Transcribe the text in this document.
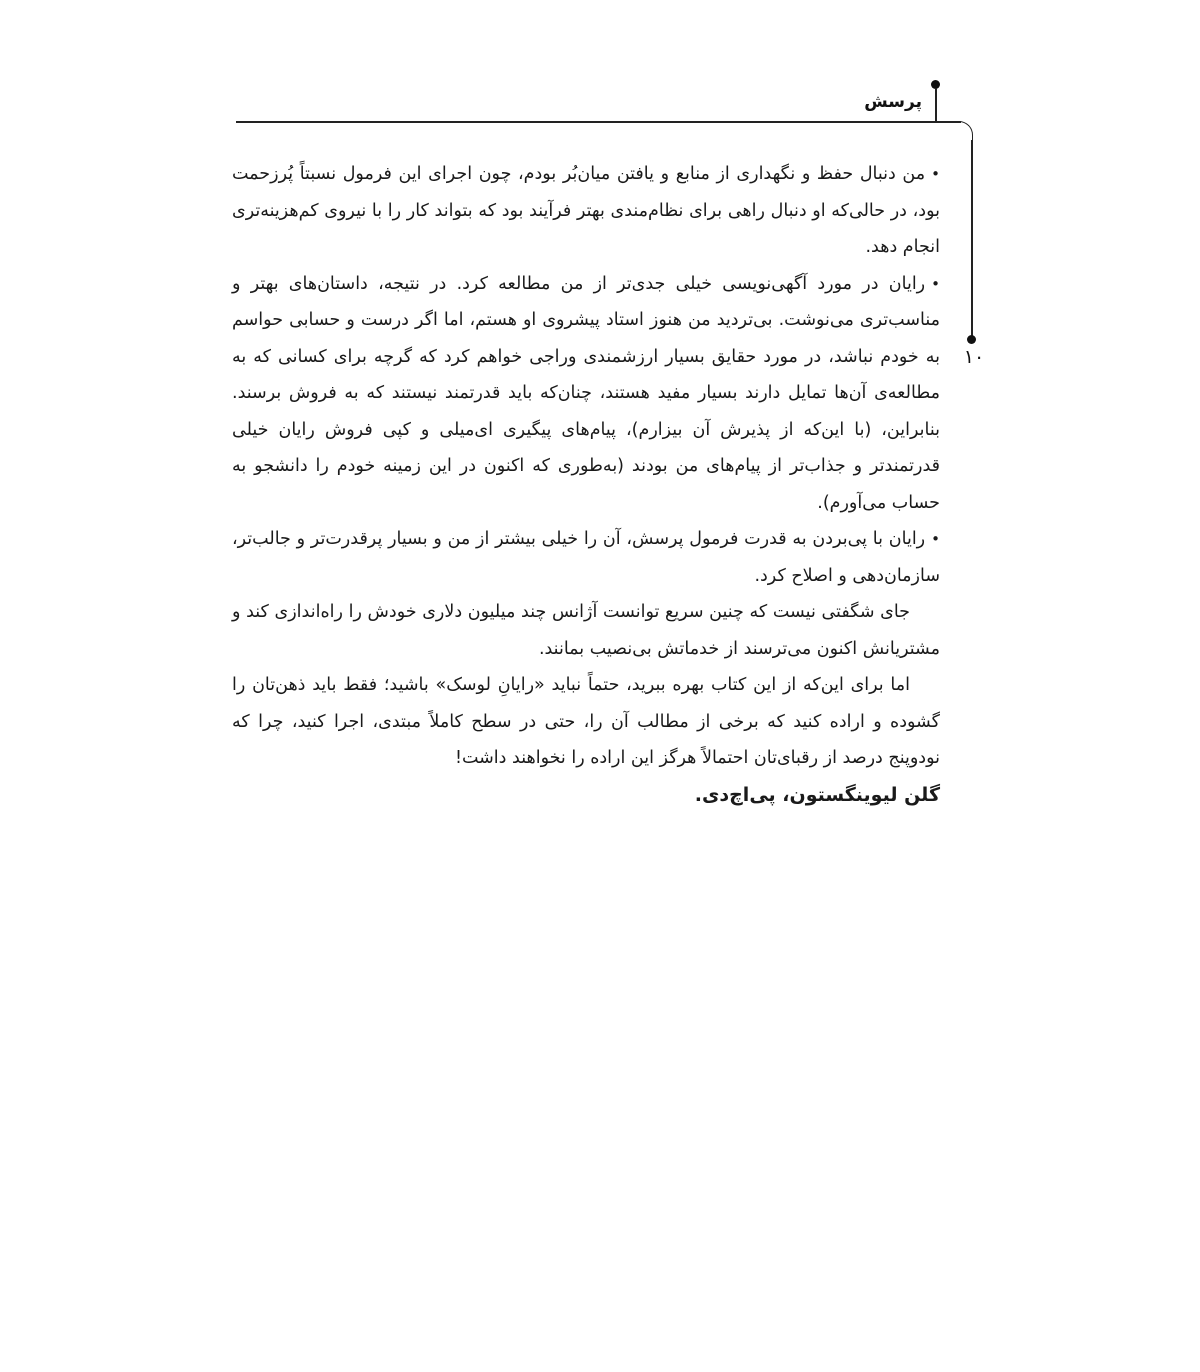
پرسش
۱۰

•من دنبال حفظ و نگهداری از منابع و یافتن میان‌بُر بودم، چون اجرای این فرمول نسبتاً پُرزحمت بود، در حالی‌که او دنبال راهی برای نظام‌مندی بهتر فرآیند بود که بتواند کار را با نیروی کم‌هزینه‌تری انجام دهد.

•رایان در مورد آگهی‌نویسی خیلی جدی‌تر از من مطالعه کرد. در نتیجه، داستان‌های بهتر و مناسب‌تری می‌نوشت. بی‌تردید من هنوز استاد پیشروی او هستم، اما اگر درست و حسابی حواسم به خودم نباشد، در مورد حقایق بسیار ارزشمندی وراجی خواهم کرد که گرچه برای کسانی که به مطالعه‌ی آن‌ها تمایل دارند بسیار مفید هستند، چنان‌که باید قدرتمند نیستند که به فروش برسند. بنابراین، (با این‌که از پذیرش آن بیزارم)، پیام‌های پیگیری ای‌میلی و کپی فروش رایان خیلی قدرتمندتر و جذاب‌تر از پیام‌های من بودند (به‌طوری که اکنون در این زمینه خودم را دانشجو به حساب می‌آورم).

•رایان با پی‌بردن به قدرت فرمول پرسش، آن را خیلی بیشتر از من و بسیار پرقدرت‌تر و جالب‌تر، سازمان‌دهی و اصلاح کرد.

جای شگفتی نیست که چنین سریع توانست آژانس چند میلیون دلاری خودش را راه‌اندازی کند و مشتریانش اکنون می‌ترسند از خدماتش بی‌نصیب بمانند.

اما برای این‌که از این کتاب بهره ببرید، حتماً نباید «رایانِ لوسک» باشید؛ فقط باید ذهن‌تان را گشوده و اراده کنید که برخی از مطالب آن را، حتی در سطح کاملاً مبتدی، اجرا کنید، چرا که نودوپنج درصد از رقبای‌تان احتمالاً هرگز این اراده را نخواهند داشت!

گلن لیوینگستون، پی‌اچ‌دی.
